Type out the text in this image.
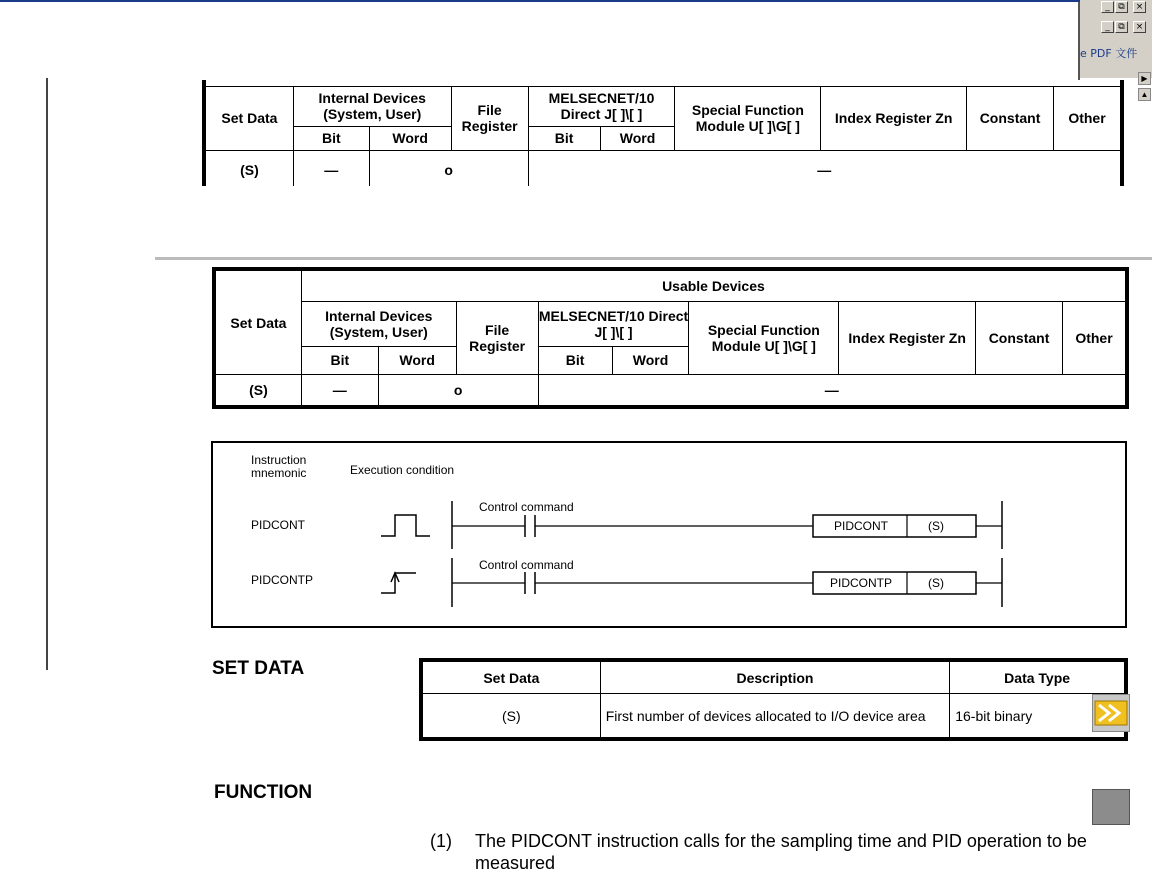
_ ⧉	×
_ ⧉	×
e PDF 文件
▶
▲

Set Data	Internal Devices (System, User)		File Register	MELSECNET/10 Direct J[ ]\[ ]		Special Function Module U[ ]\G[ ]	Index Register Zn	Constant	Other
	Bit	Word		Bit	Word				
(S)	—	o		—					
Set Data	Usable Devices								
	Internal Devices (System, User)		File Register	MELSECNET/10 Direct J[ ]\[ ]		Special Function Module U[ ]\G[ ]	Index Register Zn	Constant	Other
	Bit	Word		Bit	Word				
(S)	—	o		—					
Instruction mnemonic	Execution condition
PIDCONT
PIDCONTP
Control command
Control command
PIDCONT	(S)
PIDCONTP	(S)
SET DATA	Set Data	Description	Data Type
(S)	First number of devices allocated to I/O device area	16-bit binary
FUNCTION
(1) The PIDCONT instruction calls for the sampling time and PID operation to be measured
